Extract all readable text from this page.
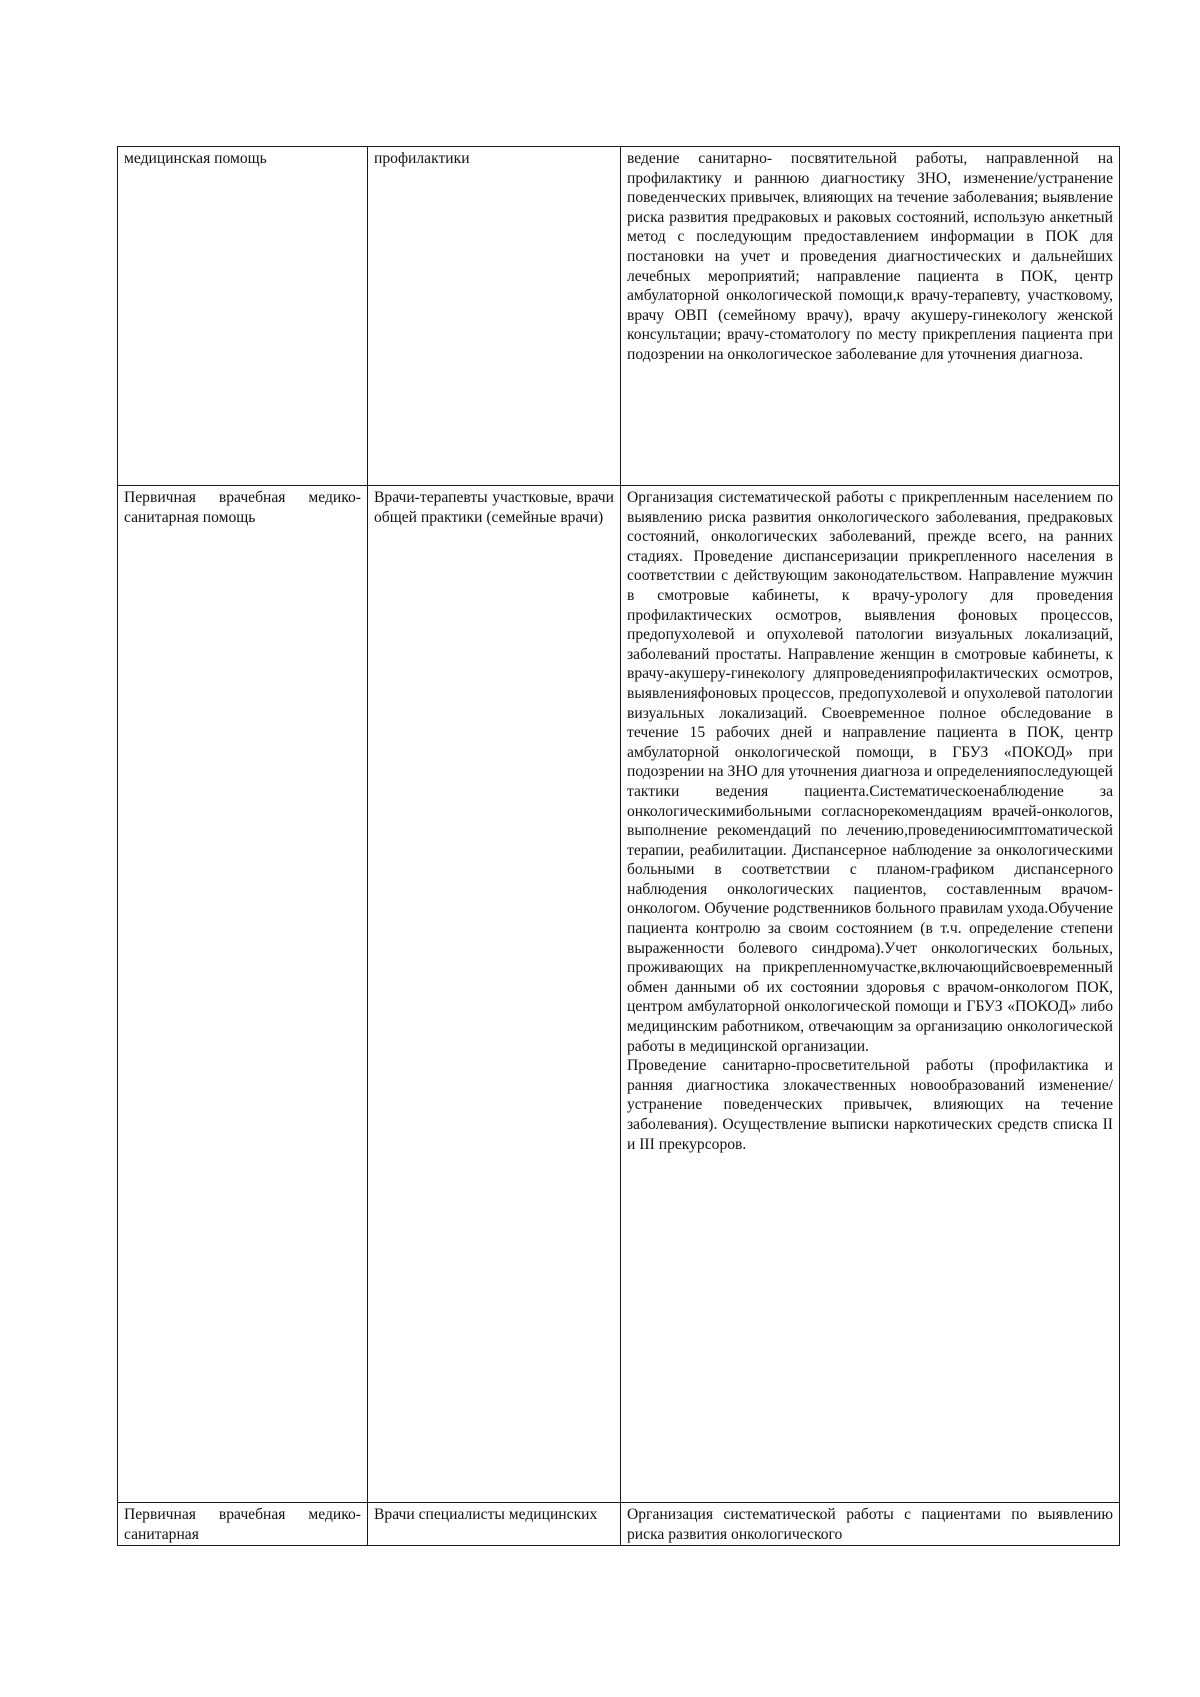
медицинская помощь	профилактики	ведение санитарно- посвятительной работы, направленной на профилактику и раннюю диагностику ЗНО, изменение/устранение поведенческих привычек, влияющих на течение заболевания; выявление риска развития предраковых и раковых состояний, использую анкетный метод с последующим предоставлением информации в ПОК для постановки на учет и проведения диагностических и дальнейших лечебных мероприятий; направление пациента в ПОК, центр амбулаторной онкологической помощи,к врачу-терапевту, участковому, врачу ОВП (семейному врачу), врачу акушеру-гинекологу женской консультации; врачу-стоматологу по месту прикрепления пациента при подозрении на онкологическое заболевание для уточнения диагноза.

Первичная врачебная медико- санитарная помощь	Врачи-терапевты участковые, врачи общей практики (семейные врачи)	Организация систематической работы с прикрепленным населением по выявлению риска развития онкологического заболевания, предраковых состояний, онкологических заболеваний, прежде всего, на ранних стадиях. Проведение диспансеризации прикрепленного населения в соответствии с действующим законодательством. Направление мужчин в смотровые кабинеты, к врачу-урологу для проведения профилактических осмотров, выявления фоновых процессов, предопухолевой и опухолевой патологии визуальных локализаций, заболеваний простаты. Направление женщин в смотровые кабинеты, к врачу-акушеру-гинекологу дляпроведенияпрофилактических осмотров, выявленияфоновых процессов, предопухолевой и опухолевой патологии визуальных локализаций. Своевременное полное обследование в течение 15 рабочих дней и направление пациента в ПОК, центр амбулаторной онкологической помощи, в ГБУЗ «ПОКОД» при подозрении на ЗНО для уточнения диагноза и определенияпоследующей тактики ведения пациента.Систематическоенаблюдение за онкологическимибольными согласнорекомендациям врачей-онкологов, выполнение рекомендаций по лечению,проведениюсимптоматической терапии, реабилитации. Диспансерное наблюдение за онкологическими больными в соответствии с планом-графиком диспансерного наблюдения онкологических пациентов, составленным врачом-онкологом. Обучение родственников больного правилам ухода.Обучение пациента контролю за своим состоянием (в т.ч. определение степени выраженности болевого синдрома).Учет онкологических больных, проживающих на прикрепленномучастке,включающийсвоевременный обмен данными об их состоянии здоровья с врачом-онкологом ПОК, центром амбулаторной онкологической помощи и ГБУЗ «ПОКОД» либо медицинским работником, отвечающим за организацию онкологической работы в медицинской организации.
Проведение санитарно-просветительной работы (профилактика и ранняя диагностика злокачественных новообразований изменение/устранение поведенческих привычек, влияющих на течение заболевания). Осуществление выписки наркотических средств списка II и III прекурсоров.

Первичная врачебная медико- санитарная	Врачи специалисты медицинских	Организация систематической работы с пациентами по выявлению риска развития онкологического
